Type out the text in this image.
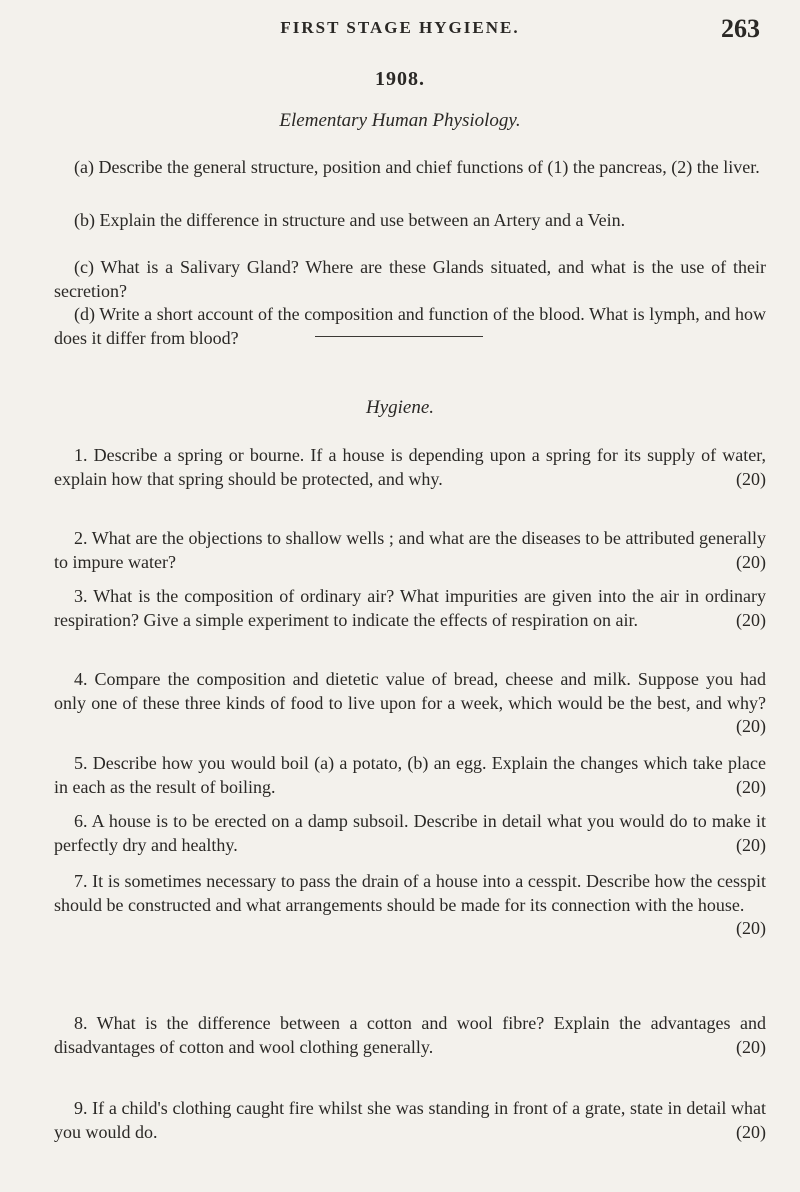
FIRST STAGE HYGIENE.	263
1908.
Elementary Human Physiology.

(a) Describe the general structure, position and chief functions of (1) the pancreas, (2) the liver.

(b) Explain the difference in structure and use between an Artery and a Vein.

(c) What is a Salivary Gland? Where are these Glands situated, and what is the use of their secretion?

(d) Write a short account of the composition and function of the blood. What is lymph, and how does it differ from blood?

Hygiene.

1. Describe a spring or bourne. If a house is depending upon a spring for its supply of water, explain how that spring should be protected, and why.	(20)

2. What are the objections to shallow wells ; and what are the diseases to be attributed generally to impure water?	(20)

3. What is the composition of ordinary air? What impurities are given into the air in ordinary respiration? Give a simple experiment to indicate the effects of respiration on air.	(20)

4. Compare the composition and dietetic value of bread, cheese and milk. Suppose you had only one of these three kinds of food to live upon for a week, which would be the best, and why?
(20)

5. Describe how you would boil (a) a potato, (b) an egg. Explain the changes which take place in each as the result of boiling.	(20)

6. A house is to be erected on a damp subsoil. Describe in detail what you would do to make it perfectly dry and healthy.	(20)

7. It is sometimes necessary to pass the drain of a house into a cesspit. Describe how the cesspit should be constructed and what arrangements should be made for its connection with the house.

(20)

8. What is the difference between a cotton and wool fibre? Explain the advantages and disadvantages of cotton and wool clothing generally.	(20)

9. If a child's clothing caught fire whilst she was standing in front of a grate, state in detail what you would do.	(20)
